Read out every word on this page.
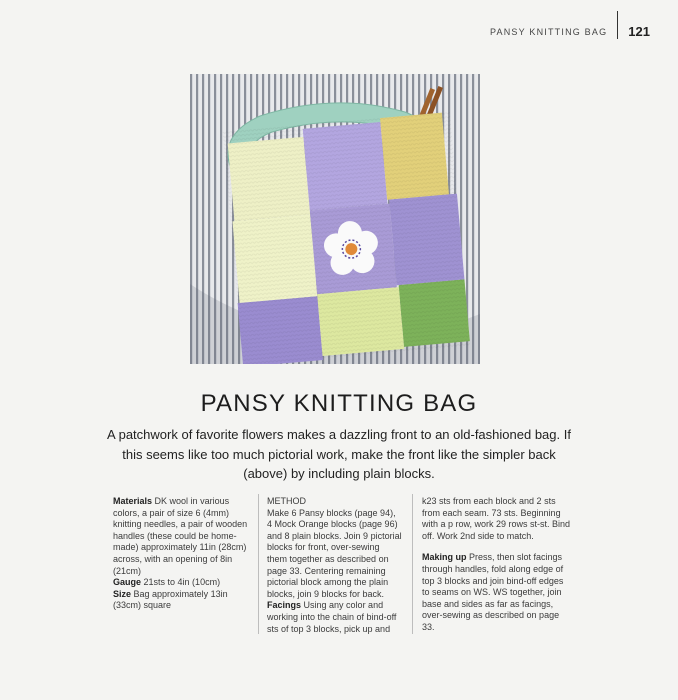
PANSY KNITTING BAG 121
PANSY KNITTING BAG

A patchwork of favorite flowers makes a dazzling front to an old-fashioned bag. If this seems like too much pictorial work, make the front like the simpler back (above) by including plain blocks.

Materials DK wool in various colors, a pair of size 6 (4mm) knitting needles, a pair of wooden handles (these could be home-made) approximately 11in (28cm) across, with an opening of 8in (21cm)

Gauge 21sts to 4in (10cm)

Size Bag approximately 13in (33cm) square

METHOD

Make 6 Pansy blocks (page 94), 4 Mock Orange blocks (page 96) and 8 plain blocks. Join 9 pictorial blocks for front, over-sewing them together as described on page 33. Centering remaining pictorial block among the plain blocks, join 9 blocks for back.

Facings Using any color and working into the chain of bind-off sts of top 3 blocks, pick up and

k23 sts from each block and 2 sts from each seam. 73 sts. Beginning with a p row, work 29 rows st-st. Bind off. Work 2nd side to match.

Making up Press, then slot facings through handles, fold along edge of top 3 blocks and join bind-off edges to seams on WS. WS together, join base and sides as far as facings, over-sewing as described on page 33.
